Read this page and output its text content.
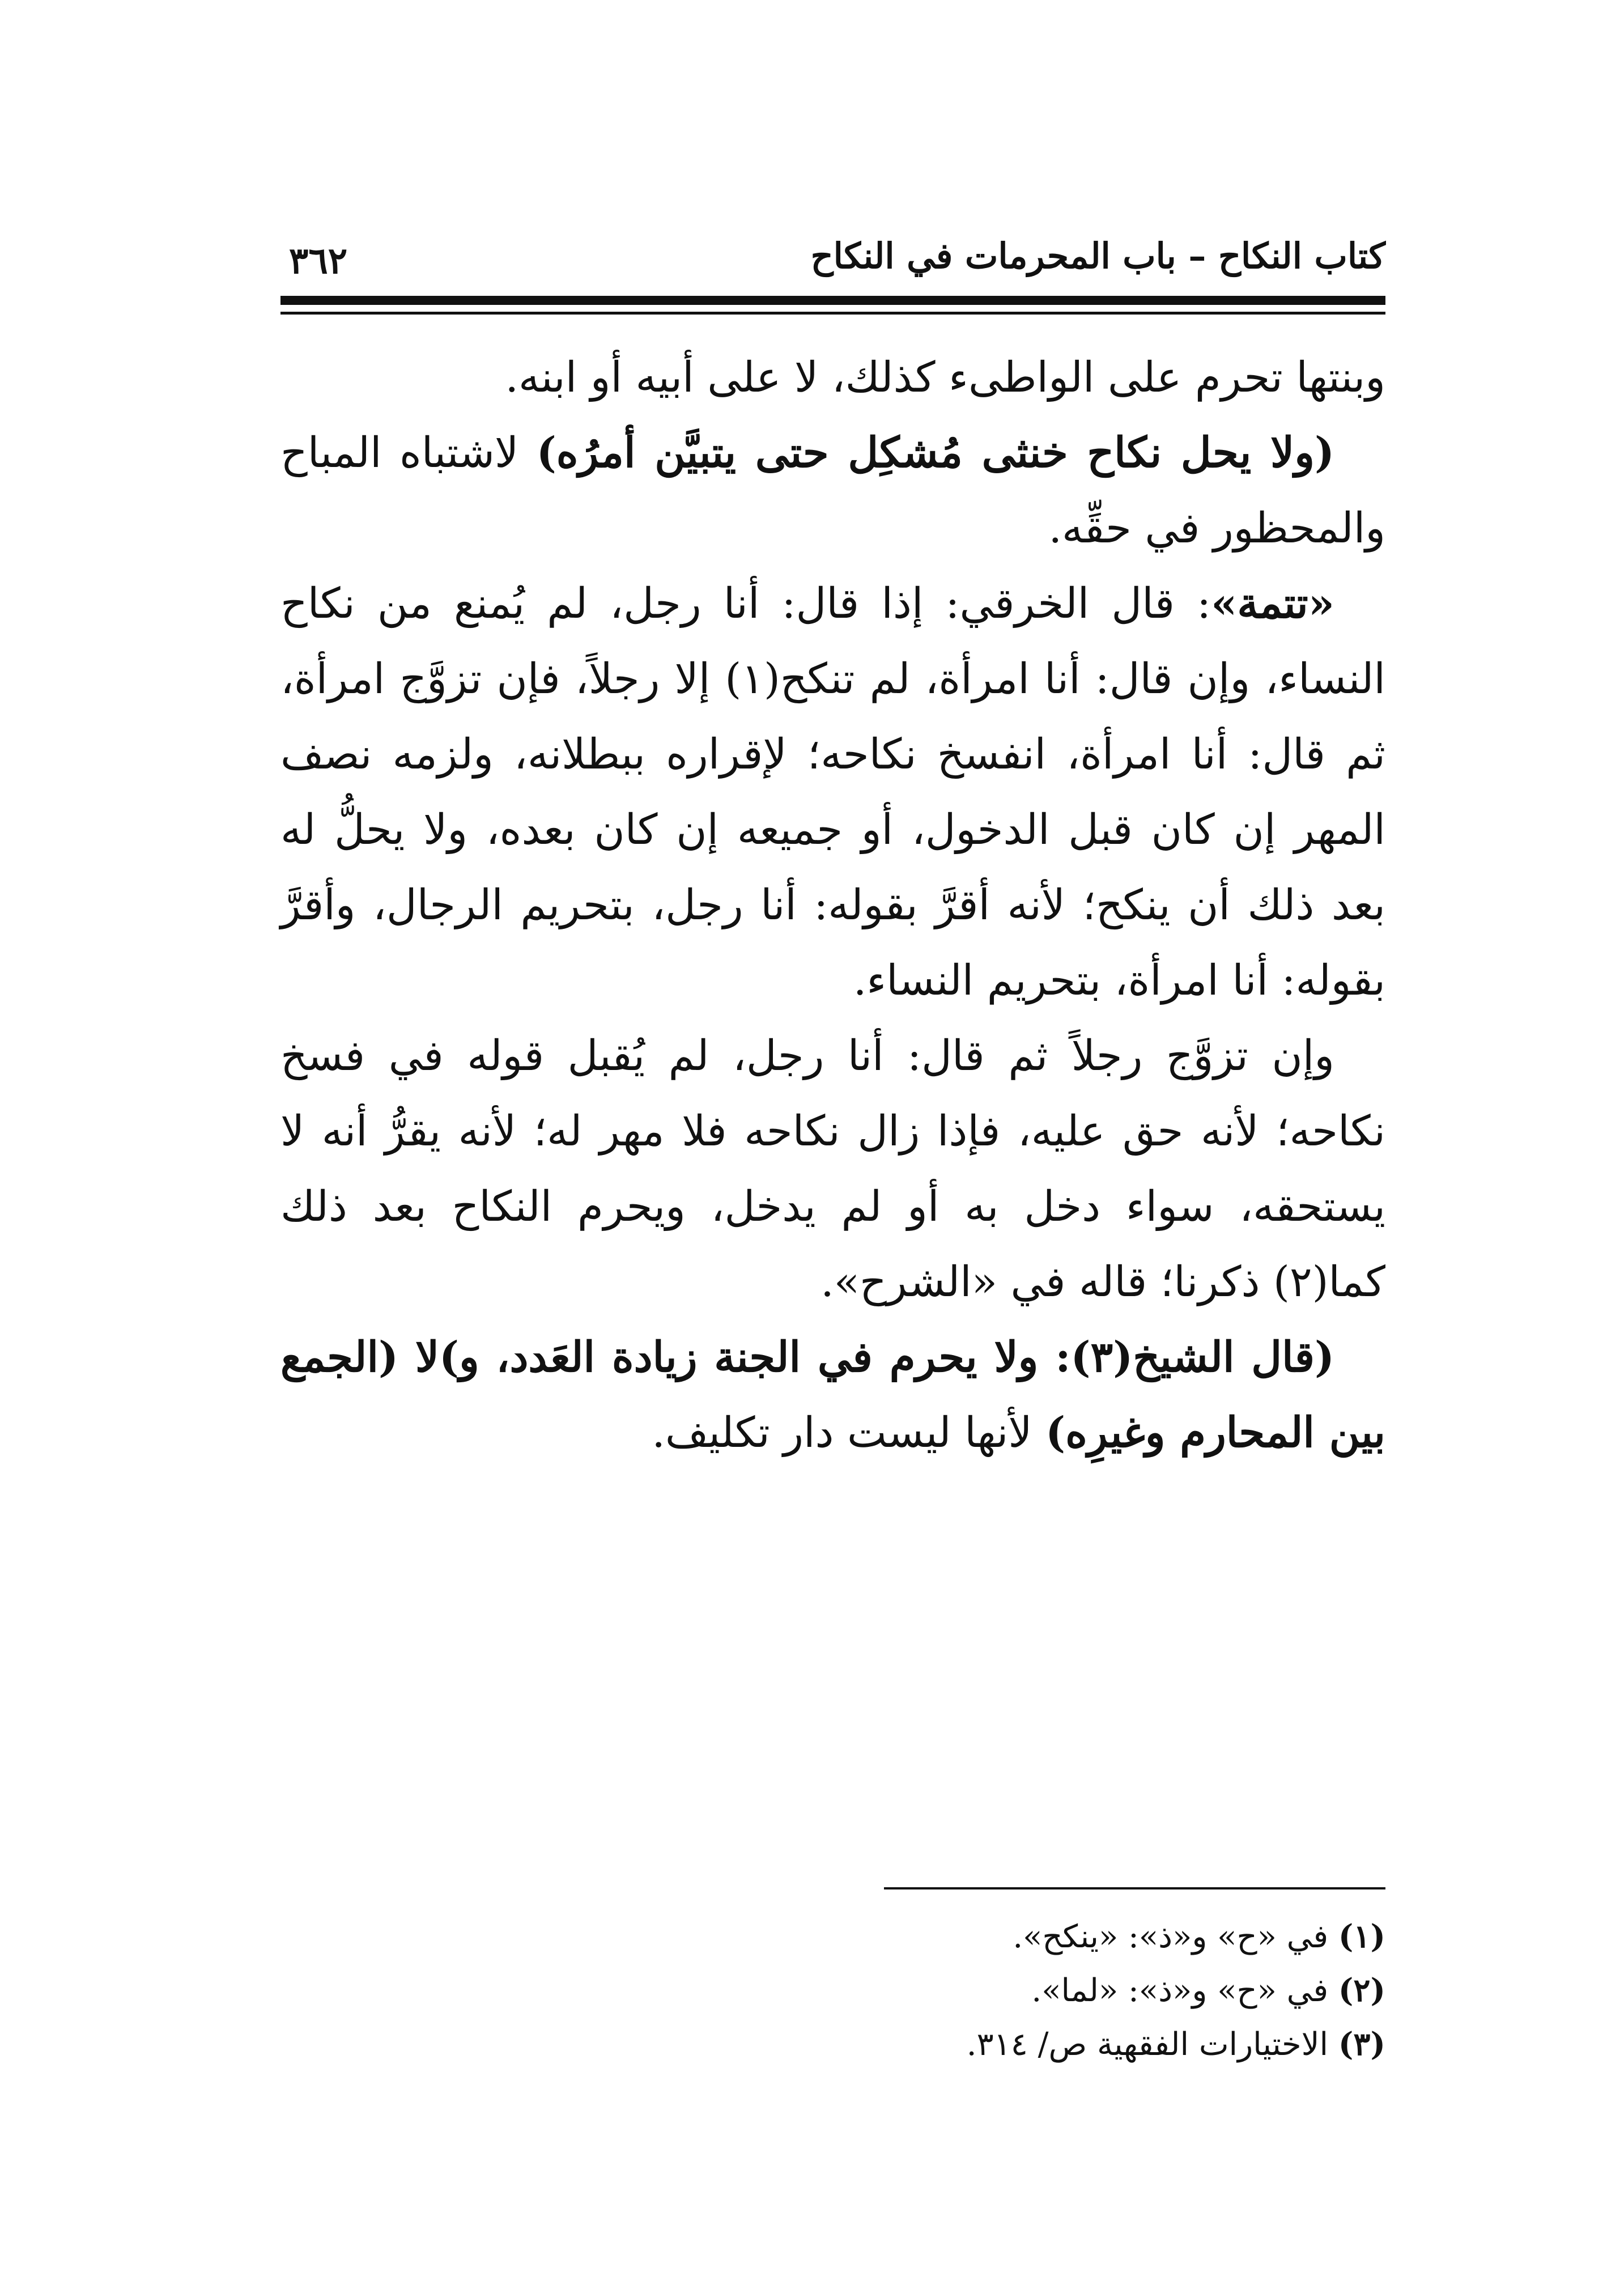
كتاب النكاح – باب المحرمات في النكاح
٣٦٢

وبنتها تحرم على الواطىء كذلك، لا على أبيه أو ابنه.

(ولا يحل نكاح خنثى مُشكِل حتى يتبيَّن أمرُه) لاشتباه المباح والمحظور في حقِّه.

«تتمة»: قال الخرقي: إذا قال: أنا رجل، لم يُمنع من نكاح النساء، وإن قال: أنا امرأة، لم تنكح(١) إلا رجلاً، فإن تزوَّج امرأة، ثم قال: أنا امرأة، انفسخ نكاحه؛ لإقراره ببطلانه، ولزمه نصف المهر إن كان قبل الدخول، أو جميعه إن كان بعده، ولا يحلُّ له بعد ذلك أن ينكح؛ لأنه أقرَّ بقوله: أنا رجل، بتحريم الرجال، وأقرَّ بقوله: أنا امرأة، بتحريم النساء.

وإن تزوَّج رجلاً ثم قال: أنا رجل، لم يُقبل قوله في فسخ نكاحه؛ لأنه حق عليه، فإذا زال نكاحه فلا مهر له؛ لأنه يقرُّ أنه لا يستحقه، سواء دخل به أو لم يدخل، ويحرم النكاح بعد ذلك كما(٢) ذكرنا؛ قاله في «الشرح».

(قال الشيخ(٣): ولا يحرم في الجنة زيادة العَدد، و)لا (الجمع بين المحارم وغيرِه) لأنها ليست دار تكليف.

(١) في «ح» و«ذ»: «ينكح».

(٢) في «ح» و«ذ»: «لما».

(٣) الاختيارات الفقهية ص/ ٣١٤.
